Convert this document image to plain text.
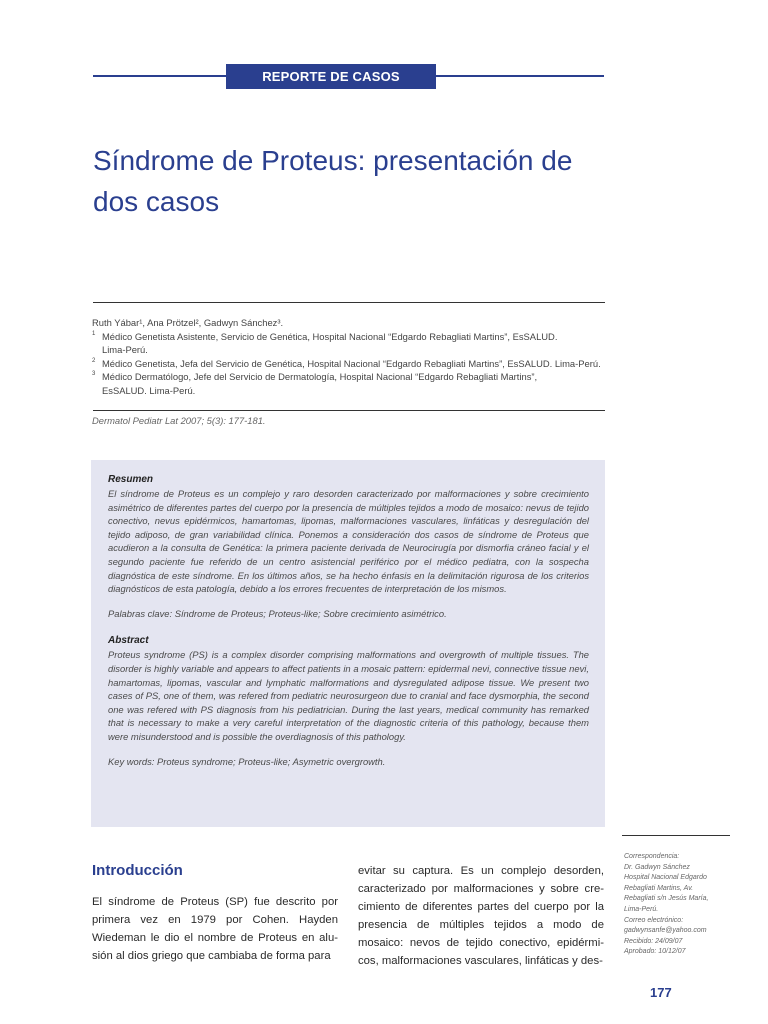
REPORTE DE CASOS
Síndrome de Proteus: presentación de
dos casos
Ruth Yábar¹, Ana Prötzel², Gadwyn Sánchez³.
1 Médico Genetista Asistente, Servicio de Genética, Hospital Nacional “Edgardo Rebagliati Martins”, EsSALUD.
Lima-Perú.
2 Médico Genetista, Jefa del Servicio de Genética, Hospital Nacional “Edgardo Rebagliati Martins”, EsSALUD. Lima-Perú.
3 Médico Dermatólogo, Jefe del Servicio de Dermatología, Hospital Nacional “Edgardo Rebagliati Martins”,
EsSALUD. Lima-Perú.
Dermatol Pediatr Lat 2007; 5(3): 177-181.
Resumen

El síndrome de Proteus es un complejo y raro desorden caracterizado por malformaciones y sobre crecimiento asimétrico de diferentes partes del cuerpo por la presencia de múltiples tejidos a modo de mosaico: nevus de tejido conectivo, nevus epidérmicos, hamartomas, lipomas, malformaciones vasculares, linfáticas y desregulación del tejido adiposo, de gran variabilidad clínica. Ponemos a consideración dos casos de síndrome de Proteus que acudieron a la consulta de Genética: la primera paciente derivada de Neurocirugía por dismorfia cráneo facial y el segundo paciente fue referido de un centro asistencial periférico por el médico pediatra, con la sospecha diagnóstica de este síndrome. En los últimos años, se ha hecho énfasis en la delimitación rigurosa de los criterios diagnósticos de esta patología, debido a los errores frecuentes de interpretación de los mismos.

Palabras clave: Síndrome de Proteus; Proteus-like; Sobre crecimiento asimétrico.

Abstract

Proteus syndrome (PS) is a complex disorder comprising malformations and overgrowth of multiple tissues. The disorder is highly variable and appears to affect patients in a mosaic pattern: epidermal nevi, connective tissue nevi, hamartomas, lipomas, vascular and lymphatic malformations and dysregulated adipose tissue. We present two cases of PS, one of them, was refered from pediatric neurosurgeon due to cranial and face dysmorphia, the second one was refered with PS diagnosis from his pediatrician. During the last years, medical community has remarked that is necessary to make a very careful interpretation of the diagnostic criteria of this pathology, because them were misunderstood and is possible the overdiagnosis of this pathology.

Key words: Proteus syndrome; Proteus-like; Asymetric overgrowth.

Introducción
El síndrome de Proteus (SP) fue descrito por primera vez en 1979 por Cohen. Hayden Wiedeman le dio el nombre de Proteus en alu- sión al dios griego que cambiaba de forma para
evitar su captura. Es un complejo desorden, caracterizado por malformaciones y sobre cre- cimiento de diferentes partes del cuerpo por la presencia de múltiples tejidos a modo de mosaico: nevos de tejido conectivo, epidérmi- cos, malformaciones vasculares, linfáticas y des-
Correspondencia:
Dr. Gadwyn Sánchez
Hospital Nacional Edgardo
Rebagliati Martins, Av.
Rebagliati s/n Jesús María,
Lima-Perú.
Correo electrónico:
gadwynsanfe@yahoo.com
Recibido: 24/09/07
Aprobado: 10/12/07
177
